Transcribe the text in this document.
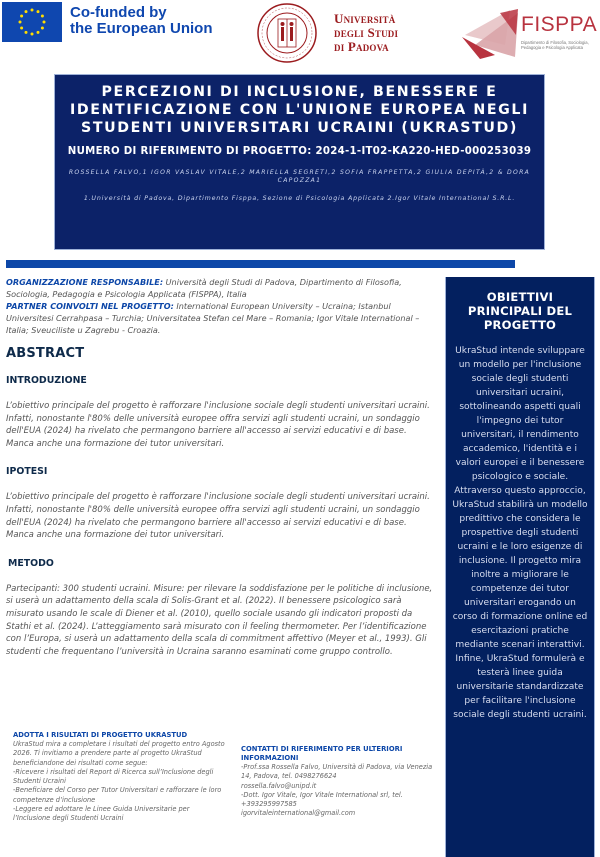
Co-funded by
the European Union
Università
degli Studi
di Padova
FISPPA
Dipartimento di Filosofia, Sociologia, Pedagogia e Psicologia Applicata
PERCEZIONI DI INCLUSIONE, BENESSERE E IDENTIFICAZIONE CON L'UNIONE EUROPEA NEGLI STUDENTI UNIVERSITARI UCRAINI (UKRASTUD)
NUMERO DI RIFERIMENTO DI PROGETTO: 2024-1-IT02-KA220-HED-000253039
ROSSELLA FALVO,1 IGOR VASLAV VITALE,2 MARIELLA SEGRETI,2 SOFIA FRAPPETTA,2 GIULIA DEPITÀ,2 & DORA CAPOZZA1
1.Università di Padova, Dipartimento Fisppa, Sezione di Psicologia Applicata 2.Igor Vitale International S.R.L.
ORGANIZZAZIONE RESPONSABILE: Università degli Studi di Padova, Dipartimento di Filosofia, Sociologia, Pedagogia e Psicologia Applicata (FISPPA), Italia
PARTNER COINVOLTI NEL PROGETTO: International European University – Ucraina; Istanbul Universitesi Cerrahpasa – Turchia; Universitatea Stefan cel Mare – Romania; Igor Vitale International – Italia; Sveuciliste u Zagrebu - Croazia.
ABSTRACT
INTRODUZIONE
L’obiettivo principale del progetto è rafforzare l'inclusione sociale degli studenti universitari ucraini. Infatti, nonostante l'80% delle università europee offra servizi agli studenti ucraini, un sondaggio dell'EUA (2024) ha rivelato che permangono barriere all'accesso ai servizi educativi e di base. Manca anche una formazione dei tutor universitari.
IPOTESI
L’obiettivo principale del progetto è rafforzare l'inclusione sociale degli studenti universitari ucraini. Infatti, nonostante l'80% delle università europee offra servizi agli studenti ucraini, un sondaggio dell'EUA (2024) ha rivelato che permangono barriere all'accesso ai servizi educativi e di base. Manca anche una formazione dei tutor universitari.
METODO
Partecipanti: 300 studenti ucraini. Misure: per rilevare la soddisfazione per le politiche di inclusione, si userà un adattamento della scala di Solis-Grant et al. (2022). Il benessere psicologico sarà misurato usando le scale di Diener et al. (2010), quello sociale usando gli indicatori proposti da Stathi et al. (2024). L’atteggiamento sarà misurato con il feeling thermometer. Per l’identificazione con l’Europa, si userà un adattamento della scala di commitment affettivo (Meyer et al., 1993). Gli studenti che frequentano l’università in Ucraina saranno esaminati come gruppo controllo.
ADOTTA I RISULTATI DI PROGETTO UKRASTUD
UkraStud mira a completare i risultati del progetto entro Agosto 2026. Ti invitiamo a prendere parte al progetto UkraStud beneficiandone dei risultati come segue:
-Ricevere i risultati del Report di Ricerca sull’Inclusione degli Studenti Ucraini
-Beneficiare del Corso per Tutor Universitari e rafforzare le loro competenze d’inclusione
-Leggere ed adottare le Linee Guida Universitarie per l’Inclusione degli Studenti Ucraini
CONTATTI DI RIFERIMENTO PER ULTERIORI INFORMAZIONI
-Prof.ssa Rossella Falvo, Università di Padova, via Venezia 14, Padova, tel. 0498276624
rossella.falvo@unipd.it
-Dott. Igor Vitale, Igor Vitale International srl, tel. +393295997585
igorvitaleinternational@gmail.com
OBIETTIVI PRINCIPALI DEL PROGETTO
UkraStud intende sviluppare un modello per l'inclusione sociale degli studenti universitari ucraini, sottolineando aspetti quali l'impegno dei tutor universitari, il rendimento accademico, l'identità e i valori europei e il benessere psicologico e sociale. Attraverso questo approccio, UkraStud stabilirà un modello predittivo che considera le prospettive degli studenti ucraini e le loro esigenze di inclusione. Il progetto mira inoltre a migliorare le competenze dei tutor universitari erogando un corso di formazione online ed esercitazioni pratiche mediante scenari interattivi. Infine, UkraStud formulerà e testerà linee guida universitarie standardizzate per facilitare l'inclusione sociale degli studenti ucraini.
